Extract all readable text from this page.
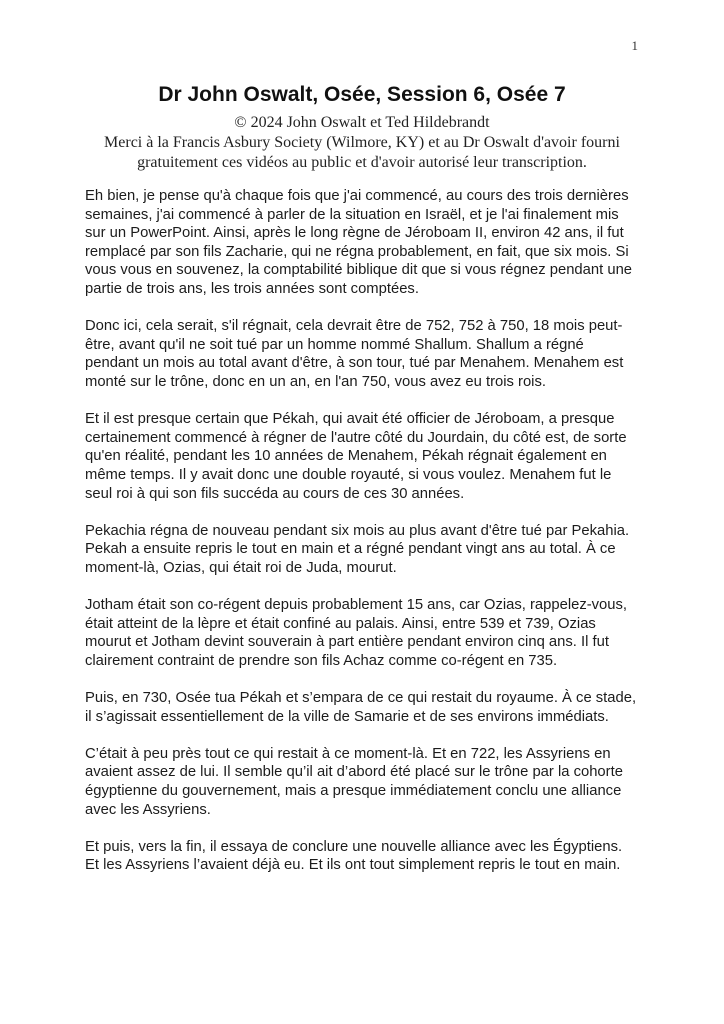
1
Dr John Oswalt, Osée, Session 6, Osée 7

© 2024 John Oswalt et Ted Hildebrandt

Merci à la Francis Asbury Society (Wilmore, KY) et au Dr Oswalt d'avoir fourni gratuitement ces vidéos au public et d'avoir autorisé leur transcription.

Eh bien, je pense qu'à chaque fois que j'ai commencé, au cours des trois dernières semaines, j'ai commencé à parler de la situation en Israël, et je l'ai finalement mis sur un PowerPoint. Ainsi, après le long règne de Jéroboam II, environ 42 ans, il fut remplacé par son fils Zacharie, qui ne régna probablement, en fait, que six mois. Si vous vous en souvenez, la comptabilité biblique dit que si vous régnez pendant une partie de trois ans, les trois années sont comptées.

Donc ici, cela serait, s'il régnait, cela devrait être de 752, 752 à 750, 18 mois peut-être, avant qu'il ne soit tué par un homme nommé Shallum. Shallum a régné pendant un mois au total avant d'être, à son tour, tué par Menahem. Menahem est monté sur le trône, donc en un an, en l'an 750, vous avez eu trois rois.

Et il est presque certain que Pékah, qui avait été officier de Jéroboam, a presque certainement commencé à régner de l'autre côté du Jourdain, du côté est, de sorte qu'en réalité, pendant les 10 années de Menahem, Pékah régnait également en même temps. Il y avait donc une double royauté, si vous voulez. Menahem fut le seul roi à qui son fils succéda au cours de ces 30 années.

Pekachia régna de nouveau pendant six mois au plus avant d'être tué par Pekahia. Pekah a ensuite repris le tout en main et a régné pendant vingt ans au total. À ce moment-là, Ozias, qui était roi de Juda, mourut.

Jotham était son co-régent depuis probablement 15 ans, car Ozias, rappelez-vous, était atteint de la lèpre et était confiné au palais. Ainsi, entre 539 et 739, Ozias mourut et Jotham devint souverain à part entière pendant environ cinq ans. Il fut clairement contraint de prendre son fils Achaz comme co-régent en 735.

Puis, en 730, Osée tua Pékah et s’empara de ce qui restait du royaume. À ce stade, il s’agissait essentiellement de la ville de Samarie et de ses environs immédiats.

C’était à peu près tout ce qui restait à ce moment-là. Et en 722, les Assyriens en avaient assez de lui. Il semble qu’il ait d’abord été placé sur le trône par la cohorte égyptienne du gouvernement, mais a presque immédiatement conclu une alliance avec les Assyriens.

Et puis, vers la fin, il essaya de conclure une nouvelle alliance avec les Égyptiens. Et les Assyriens l’avaient déjà eu. Et ils ont tout simplement repris le tout en main.
